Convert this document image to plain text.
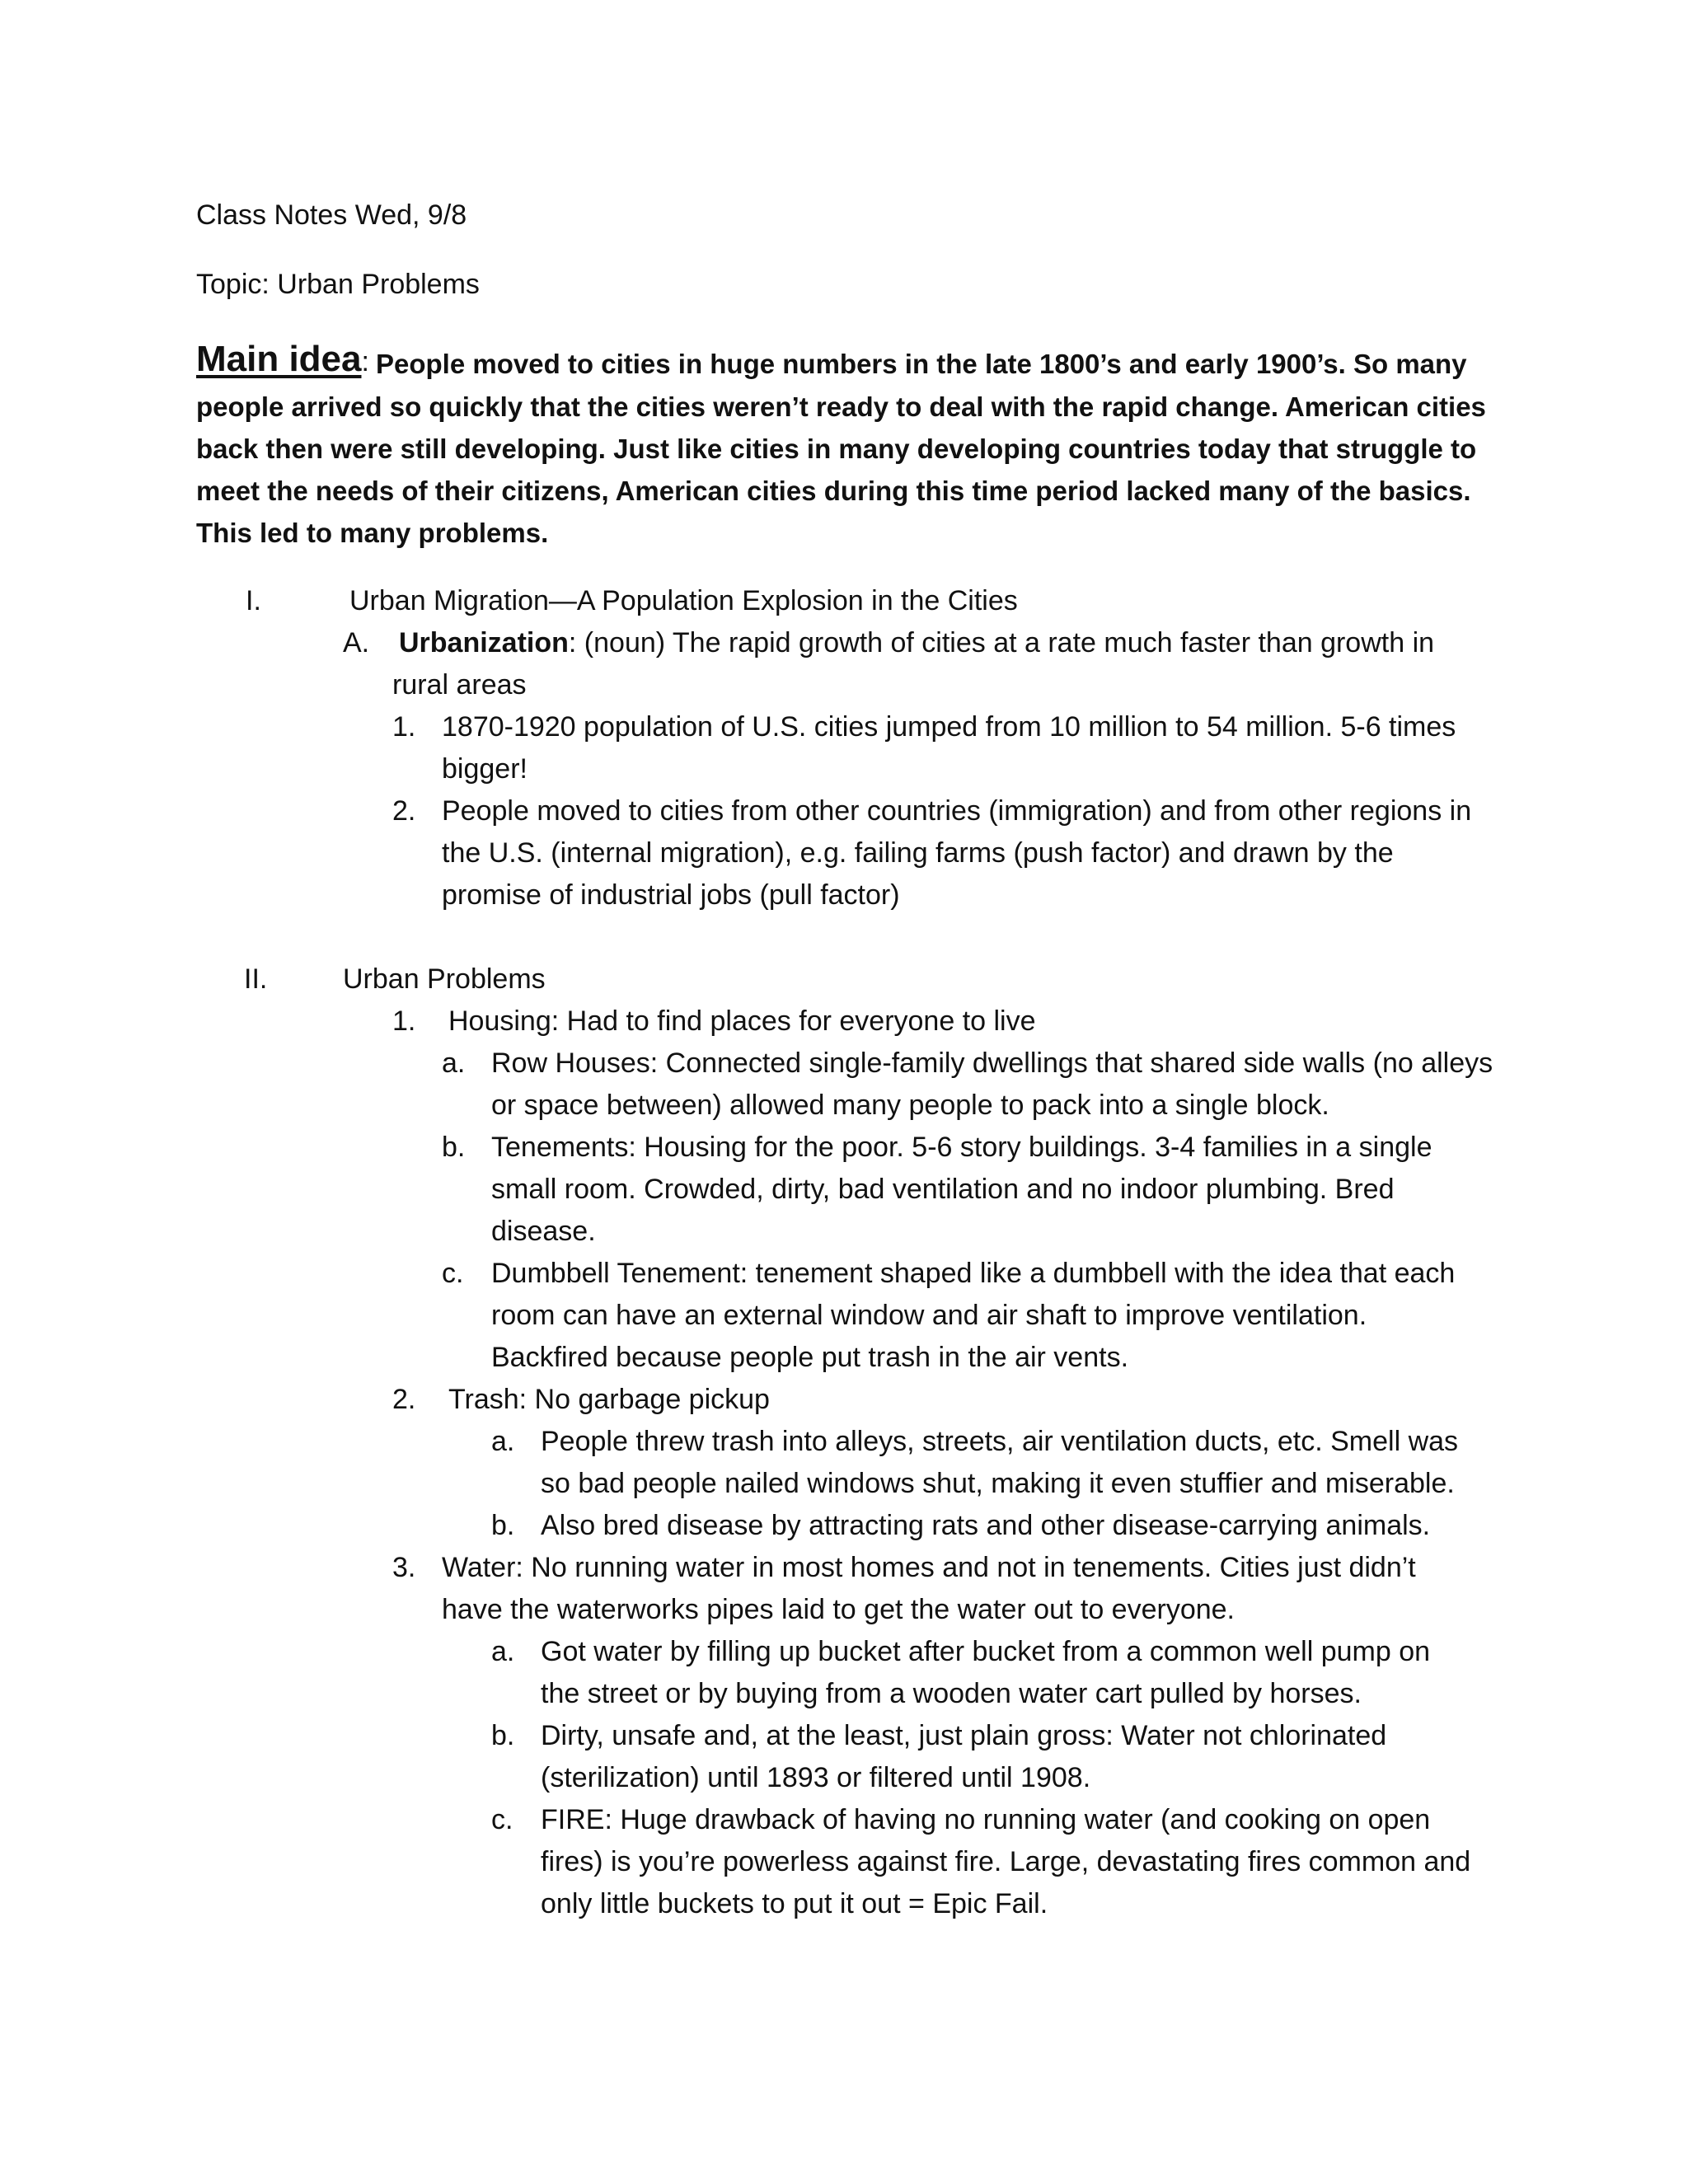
Class Notes Wed, 9/8
Topic: Urban Problems
Main idea: People moved to cities in huge numbers in the late 1800’s and early 1900’s. So many
people arrived so quickly that the cities weren’t ready to deal with the rapid change. American cities
back then were still developing. Just like cities in many developing countries today that struggle to
meet the needs of their citizens, American cities during this time period lacked many of the basics.
This led to many problems.
I.	Urban Migration—A Population Explosion in the Cities
A. Urbanization: (noun) The rapid growth of cities at a rate much faster than growth in
rural areas
1. 1870-1920 population of U.S. cities jumped from 10 million to 54 million. 5-6 times
bigger!
2. People moved to cities from other countries (immigration) and from other regions in
the U.S. (internal migration), e.g. failing farms (push factor) and drawn by the
promise of industrial jobs (pull factor)
II.	Urban Problems
1. Housing: Had to find places for everyone to live
a. Row Houses: Connected single-family dwellings that shared side walls (no alleys
or space between) allowed many people to pack into a single block.
b. Tenements: Housing for the poor. 5-6 story buildings. 3-4 families in a single
small room. Crowded, dirty, bad ventilation and no indoor plumbing. Bred
disease.
c. Dumbbell Tenement: tenement shaped like a dumbbell with the idea that each
room can have an external window and air shaft to improve ventilation.
Backfired because people put trash in the air vents.
2. Trash: No garbage pickup
a. People threw trash into alleys, streets, air ventilation ducts, etc. Smell was
so bad people nailed windows shut, making it even stuffier and miserable.
b. Also bred disease by attracting rats and other disease-carrying animals.
3. Water: No running water in most homes and not in tenements. Cities just didn’t
have the waterworks pipes laid to get the water out to everyone.
a. Got water by filling up bucket after bucket from a common well pump on
the street or by buying from a wooden water cart pulled by horses.
b. Dirty, unsafe and, at the least, just plain gross: Water not chlorinated
(sterilization) until 1893 or filtered until 1908.
c. FIRE: Huge drawback of having no running water (and cooking on open
fires) is you’re powerless against fire. Large, devastating fires common and
only little buckets to put it out = Epic Fail.
